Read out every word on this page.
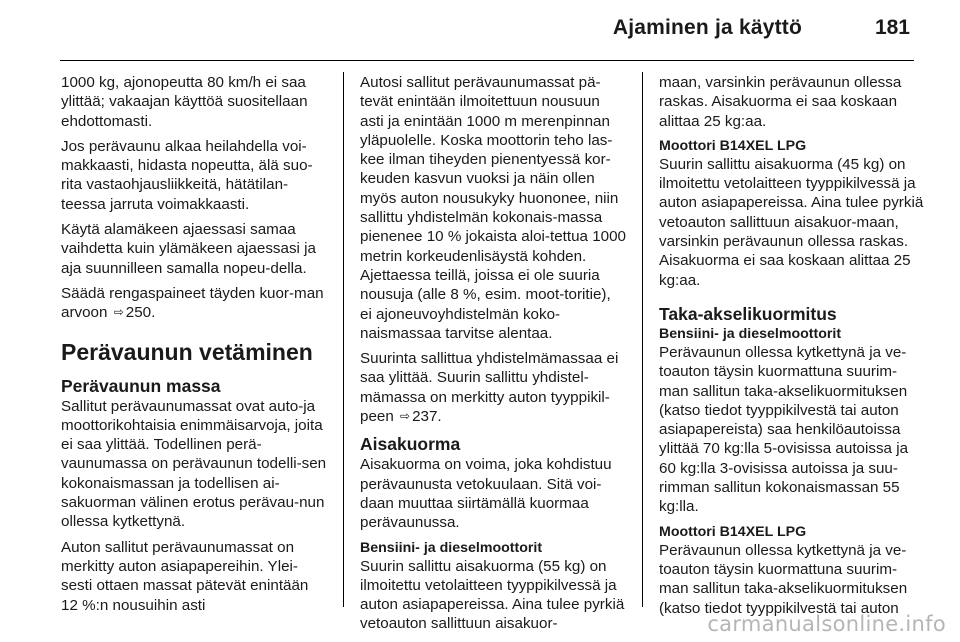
Ajaminen ja käyttö	181

1000 kg, ajonopeutta 80 km/h ei saa ylittää; vakaajan käyttöä suositellaan ehdottomasti.

Jos perävaunu alkaa heilahdella voi-makkaasti, hidasta nopeutta, älä suo-rita vastaohjausliikkeitä, hätätilan-teessa jarruta voimakkaasti.

Käytä alamäkeen ajaessasi samaa vaihdetta kuin ylämäkeen ajaessasi ja aja suunnilleen samalla nopeu-della.

Säädä rengaspaineet täyden kuor-man arvoon ⇨ 250.

Perävaunun vetäminen
Perävaunun massa

Sallitut perävaunumassat ovat auto-ja moottorikohtaisia enimmäisarvoja, joita ei saa ylittää. Todellinen perä-vaunumassa on perävaunun todelli-sen kokonaismassan ja todellisen ai-sakuorman välinen erotus perävau-nun ollessa kytkettynä.

Auton sallitut perävaunumassat on merkitty auton asiapapereihin. Ylei-sesti ottaen massat pätevät enintään 12 %:n nousuihin asti

Autosi sallitut perävaunumassat pä-tevät enintään ilmoitettuun nousuun asti ja enintään 1000 m merenpinnan yläpuolelle. Koska moottorin teho las-kee ilman tiheyden pienentyessä kor-keuden kasvun vuoksi ja näin ollen myös auton nousukyky huononee, niin sallittu yhdistelmän kokonais-massa pienenee 10 % jokaista aloi-tettua 1000 metrin korkeudenlisäystä kohden. Ajettaessa teillä, joissa ei ole suuria nousuja (alle 8 %, esim. moot-toritie), ei ajoneuvoyhdistelmän koko-naismassaa tarvitse alentaa.

Suurinta sallittua yhdistelmämassaa ei saa ylittää. Suurin sallittu yhdistel-mämassa on merkitty auton tyyppikil-peen ⇨ 237.

Aisakuorma

Aisakuorma on voima, joka kohdistuu perävaunusta vetokuulaan. Sitä voi-daan muuttaa siirtämällä kuormaa perävaunussa.

Bensiini- ja dieselmoottorit

Suurin sallittu aisakuorma (55 kg) on ilmoitettu vetolaitteen tyyppikilvessä ja auton asiapapereissa. Aina tulee pyrkiä vetoauton sallittuun aisakuor-

maan, varsinkin perävaunun ollessa raskas. Aisakuorma ei saa koskaan alittaa 25 kg:aa.

Moottori B14XEL LPG

Suurin sallittu aisakuorma (45 kg) on ilmoitettu vetolaitteen tyyppikilvessä ja auton asiapapereissa. Aina tulee pyrkiä vetoauton sallittuun aisakuor-maan, varsinkin perävaunun ollessa raskas. Aisakuorma ei saa koskaan alittaa 25 kg:aa.

Taka-akselikuormitus
Bensiini- ja dieselmoottorit

Perävaunun ollessa kytkettynä ja ve-toauton täysin kuormattuna suurim-man sallitun taka-akselikuormituksen (katso tiedot tyyppikilvestä tai auton asiapapereista) saa henkilöautoissa ylittää 70 kg:lla 5-ovisissa autoissa ja 60 kg:lla 3-ovisissa autoissa ja suu-rimman sallitun kokonaismassan 55 kg:lla.

Moottori B14XEL LPG

Perävaunun ollessa kytkettynä ja ve-toauton täysin kuormattuna suurim-man sallitun taka-akselikuormituksen (katso tiedot tyyppikilvestä tai auton

carmanualsonline.info
